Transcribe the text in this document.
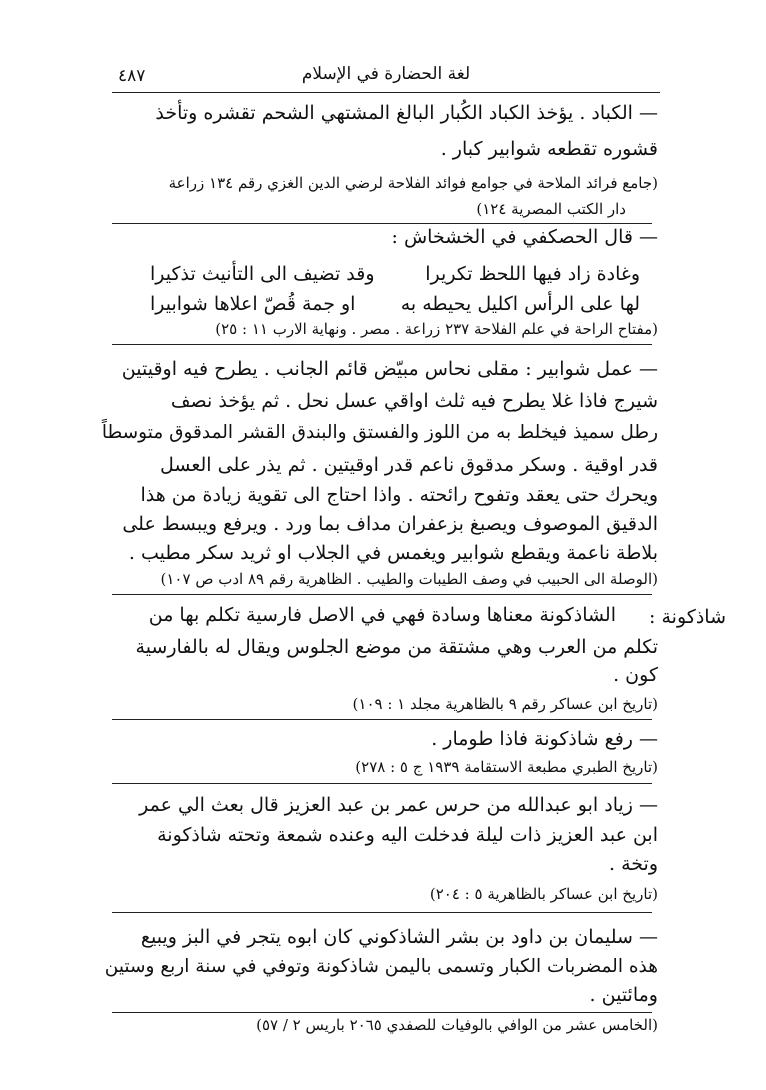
لغة الحضارة في الإسلام
٤٨٧
— الكباد . يؤخذ الكباد الكُبار البالغ المشتهي الشحم تقشره وتأخذ
قشوره تقطعه شوابير كبار .
(جامع فرائد الملاحة في جوامع فوائد الفلاحة لرضي الدين الغزي رقم ١٣٤ زراعة
دار الكتب المصرية ١٢٤)
— قال الحصكفي في الخشخاش :
وغادة زاد فيها اللحظ تكريرا
وقد تضيف الى التأنيث تذكيرا
لها على الرأس اكليل يحيطه به
او جمة قُصّ اعلاها شوابيرا
(مفتاح الراحة في علم الفلاحة ٢٣٧ زراعة . مصر . ونهاية الارب ١١ : ٢٥)
— عمل شوابير : مقلى نحاس مبيّض قائم الجانب . يطرح فيه اوقيتين
شيرج فاذا غلا يطرح فيه ثلث اواقي عسل نحل . ثم يؤخذ نصف
رطل سميذ فيخلط به من اللوز والفستق والبندق القشر المدقوق متوسطاً
قدر اوقية . وسكر مدقوق ناعم قدر اوقيتين . ثم يذر على العسل
ويحرك حتى يعقد وتفوح رائحته . واذا احتاج الى تقوية زيادة من هذا
الدقيق الموصوف ويصبغ بزعفران مداف بما ورد . ويرفع ويبسط على
بلاطة ناعمة ويقطع شوابير ويغمس في الجلاب او ثريد سكر مطيب .
(الوصلة الى الحبيب في وصف الطيبات والطيب . الظاهرية رقم ٨٩ ادب ص ١٠٧)
شاذكونة :
الشاذكونة معناها وسادة فهي في الاصل فارسية تكلم بها من
تكلم من العرب وهي مشتقة من موضع الجلوس ويقال له بالفارسية
كون .
(تاريخ ابن عساكر رقم ٩ بالظاهرية مجلد ١ : ١٠٩)
— رفع شاذكونة فاذا طومار .
(تاريخ الطبري مطبعة الاستقامة ١٩٣٩ ج ٥ : ٢٧٨)
— زياد ابو عبدالله من حرس عمر بن عبد العزيز قال بعث الي عمر
ابن عبد العزيز ذات ليلة فدخلت اليه وعنده شمعة وتحته شاذكونة
وتخة .
(تاريخ ابن عساكر بالظاهرية ٥ : ٢٠٤)
— سليمان بن داود بن بشر الشاذكوني كان ابوه يتجر في البز ويبيع
هذه المضربات الكبار وتسمى باليمن شاذكونة وتوفي في سنة اربع وستين
ومائتين .
(الخامس عشر من الوافي بالوفيات للصفدي ٢٠٦٥ باريس ٢ / ٥٧)
